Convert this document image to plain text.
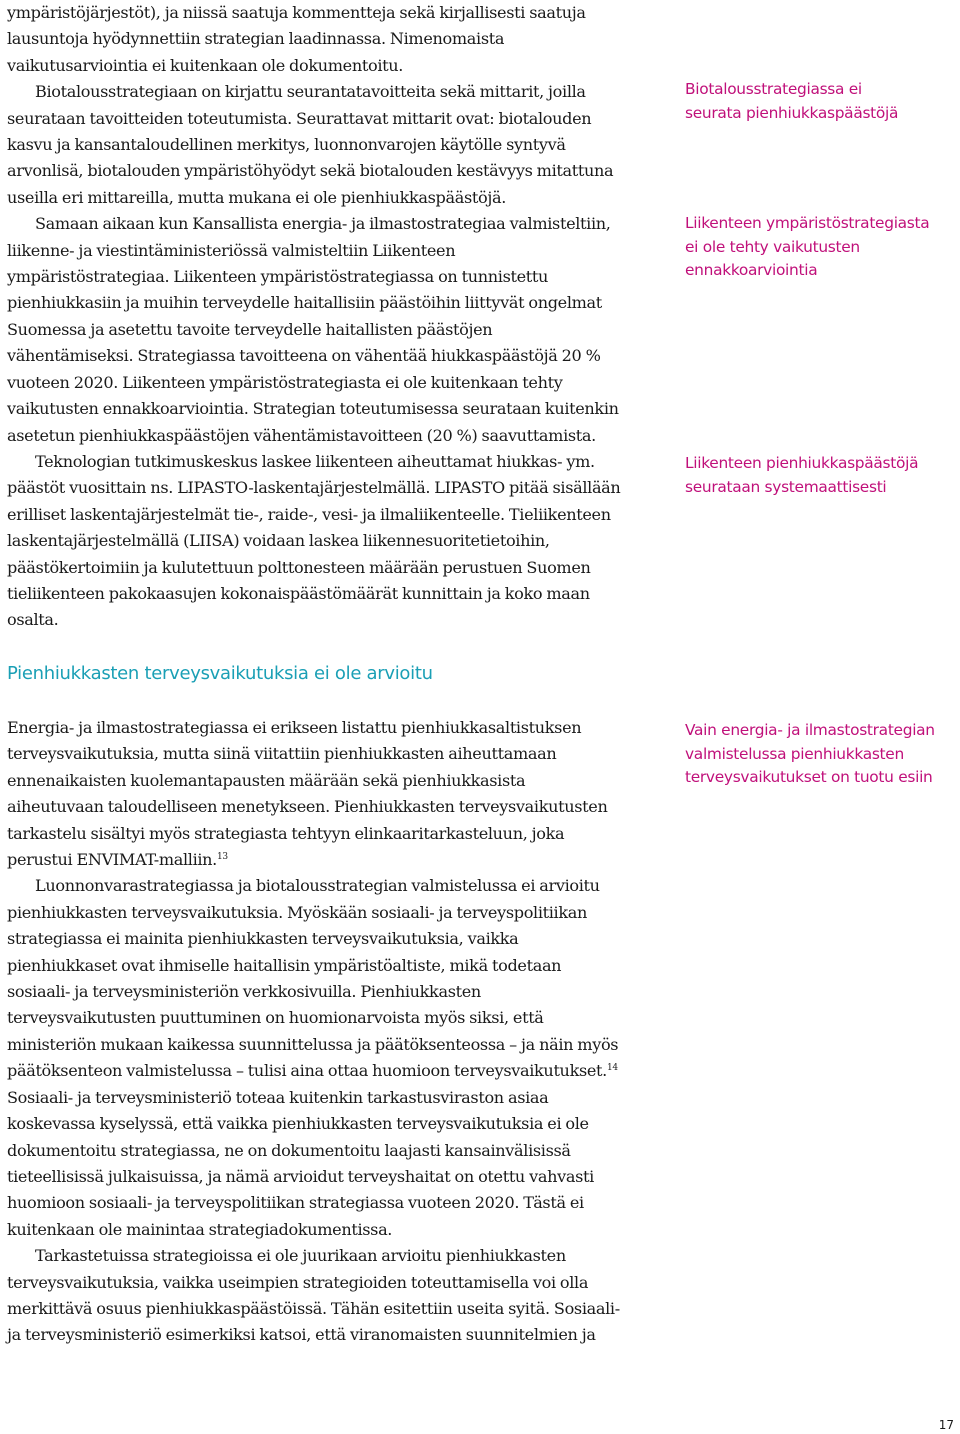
ympäristöjärjestöt), ja niissä saatuja kommentteja sekä kirjallisesti saatuja lausuntoja hyödynnettiin strategian laadinnassa. Nimenomaista vaikutusarviointia ei kuitenkaan ole dokumentoitu.

Biotalousstrategiaan on kirjattu seurantatavoitteita sekä mittarit, joilla seurataan tavoitteiden toteutumista. Seurattavat mittarit ovat: biotalouden kasvu ja kansantaloudellinen merkitys, luonnonvarojen käytölle syntyvä arvonlisä, biotalouden ympäristöhyödyt sekä biotalouden kestävyys mitattuna useilla eri mittareilla, mutta mukana ei ole pienhiukkaspäästöjä.

Samaan aikaan kun Kansallista energia- ja ilmastostrategiaa valmisteltiin, liikenne- ja viestintäministeriössä valmisteltiin Liikenteen ympäristöstrategiaa. Liikenteen ympäristöstrategiassa on tunnistettu pienhiukkasiin ja muihin terveydelle haitallisiin päästöihin liittyvät ongelmat Suomessa ja asetettu tavoite terveydelle haitallisten päästöjen vähentämiseksi. Strategiassa tavoitteena on vähentää hiukkaspäästöjä 20 % vuoteen 2020. Liikenteen ympäristöstrategiasta ei ole kuitenkaan tehty vaikutusten ennakkoarviointia. Strategian toteutumisessa seurataan kuitenkin asetetun pienhiukkaspäästöjen vähentämistavoitteen (20 %) saavuttamista.

Teknologian tutkimuskeskus laskee liikenteen aiheuttamat hiukkas- ym. päästöt vuosittain ns. LIPASTO-laskentajärjestelmällä. LIPASTO pitää sisällään erilliset laskentajärjestelmät tie-, raide-, vesi- ja ilmaliikenteelle. Tieliikenteen laskentajärjestelmällä (LIISA) voidaan laskea liikennesuoritetietoihin, päästökertoimiin ja kulutettuun polttonesteen määrään perustuen Suomen tieliikenteen pakokaasujen kokonaispäästömäärät kunnittain ja koko maan osalta.

Pienhiukkasten terveysvaikutuksia ei ole arvioitu

Energia- ja ilmastostrategiassa ei erikseen listattu pienhiukkasaltistuksen terveysvaikutuksia, mutta siinä viitattiin pienhiukkasten aiheuttamaan ennenaikaisten kuolemantapausten määrään sekä pienhiukkasista aiheutuvaan taloudelliseen menetykseen. Pienhiukkasten terveysvaikutusten tarkastelu sisältyi myös strategiasta tehtyyn elinkaaritarkasteluun, joka perustui ENVIMAT-malliin.$^{13}$

Luonnonvarastrategiassa ja biotalousstrategian valmistelussa ei arvioitu pienhiukkasten terveysvaikutuksia. Myöskään sosiaali- ja terveyspolitiikan strategiassa ei mainita pienhiukkasten terveysvaikutuksia, vaikka pienhiukkaset ovat ihmiselle haitallisin ympäristöaltiste, mikä todetaan sosiaali- ja terveysministeriön verkkosivuilla. Pienhiukkasten terveysvaikutusten puuttuminen on huomionarvoista myös siksi, että ministeriön mukaan kaikessa suunnittelussa ja päätöksenteossa – ja näin myös päätöksenteon valmistelussa – tulisi aina ottaa huomioon terveysvaikutukset.$^{14}$ Sosiaali- ja terveysministeriö toteaa kuitenkin tarkastusviraston asiaa koskevassa kyselyssä, että vaikka pienhiukkasten terveysvaikutuksia ei ole dokumentoitu strategiassa, ne on dokumentoitu laajasti kansainvälisissä tieteellisissä julkaisuissa, ja nämä arvioidut terveyshaitat on otettu vahvasti huomioon sosiaali- ja terveyspolitiikan strategiassa vuoteen 2020. Tästä ei kuitenkaan ole mainintaa strategiadokumentissa.

Tarkastetuissa strategioissa ei ole juurikaan arvioitu pienhiukkasten terveysvaikutuksia, vaikka useimpien strategioiden toteuttamisella voi olla merkittävä osuus pienhiukkaspäästöissä. Tähän esitettiin useita syitä. Sosiaali- ja terveysministeriö esimerkiksi katsoi, että viranomaisten suunnitelmien ja

Biotalousstrategiassa ei
seurata pienhiukkaspäästöjä
Liikenteen ympäristöstrategiasta
ei ole tehty vaikutusten
ennakkoarviointia
Liikenteen pienhiukkaspäästöjä
seurataan systemaattisesti
Vain energia- ja ilmastostrategian
valmistelussa pienhiukkasten
terveysvaikutukset on tuotu esiin
17
